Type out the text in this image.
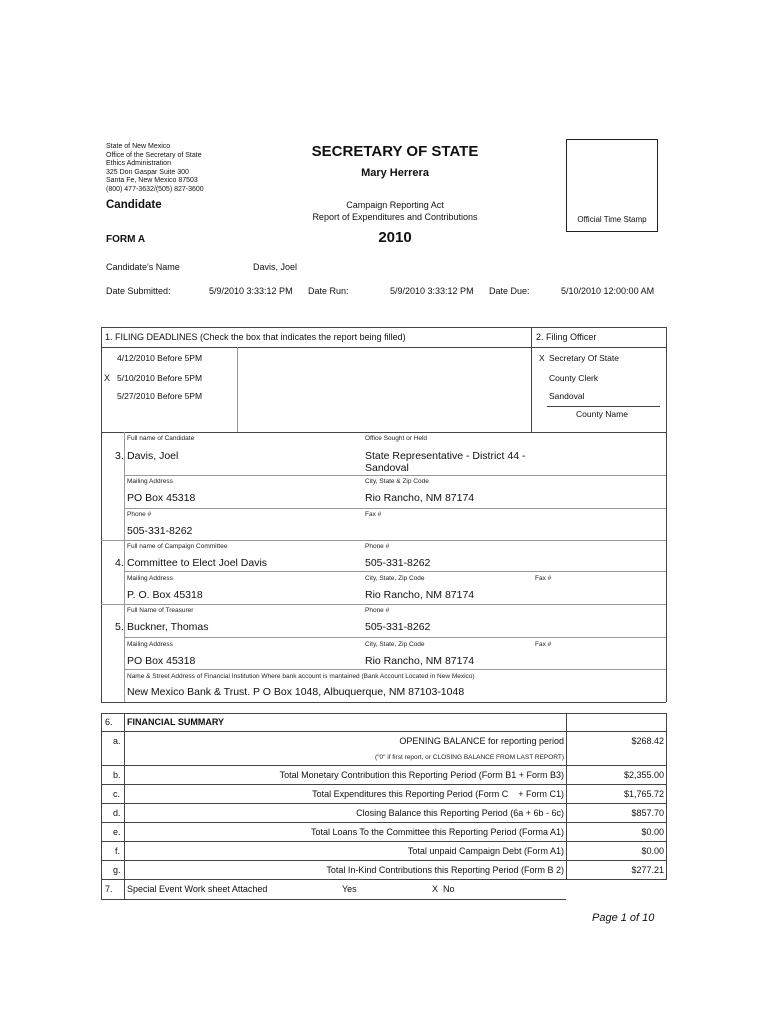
State of New Mexico
Office of the Secretary of State
Ethics Administration
325 Don Gaspar Suite 300
Santa Fe, New Mexico 87503
(800) 477-3632/(505) 827-3600
SECRETARY OF STATE
Mary Herrera
Candidate	Campaign Reporting Act
Report of Expenditures and Contributions	Official Time Stamp
FORM A	2010
Candidate's Name	Davis, Joel
Date Submitted:	5/9/2010 3:33:12 PM Date Run:	5/9/2010 3:33:12 PM Date Due:	5/10/2010 12:00:00 AM
1. FILING DEADLINES (Check the box that indicates the report being filled)	2. Filing Officer
4/12/2010 Before 5PM
X 5/10/2010 Before 5PM
5/27/2010 Before 5PM
X Secretary Of State
County Clerk
Sandoval
County Name
Full name of Candidate	Office Sought or Held
3. Davis, Joel	State Representative - District 44 -
Sandoval
Mailing Address	City, State & Zip Code
PO Box 45318	Rio Rancho, NM 87174
Phone #	Fax #
505-331-8262
Full name of Campaign Committee	Phone #
4. Committee to Elect Joel Davis	505-331-8262
Mailing Address	City, State, Zip Code	Fax #
P. O. Box 45318	Rio Rancho, NM 87174
Full Name of Treasurer	Phone #
5. Buckner, Thomas	505-331-8262
Mailing Address	City, State, Zip Code	Fax #
PO Box 45318	Rio Rancho, NM 87174
Name & Street Address of Financial Institution Where bank account is mantained (Bank Account Located in New Mexico)
New Mexico Bank & Trust. P O Box 1048, Albuquerque, NM 87103-1048
6. FINANCIAL SUMMARY
a.	OPENING BALANCE for reporting period	$268.42
("0" if first report, or CLOSING BALANCE FROM LAST REPORT)
b.	Total Monetary Contribution this Reporting Period (Form B1 + Form B3)	$2,355.00
c.	Total Expenditures this Reporting Period (Form C    + Form C1)	$1,765.72
d.	Closing Balance this Reporting Period (6a + 6b - 6c)	$857.70
e.	Total Loans To the Committee this Reporting Period (Forma A1)	$0.00
f.	Total unpaid Campaign Debt (Form A1)	$0.00
g.	Total In-Kind Contributions this Reporting Period (Form B 2)	$277.21
7. Special Event Work sheet Attached	Yes	X  No
Page 1 of 10
